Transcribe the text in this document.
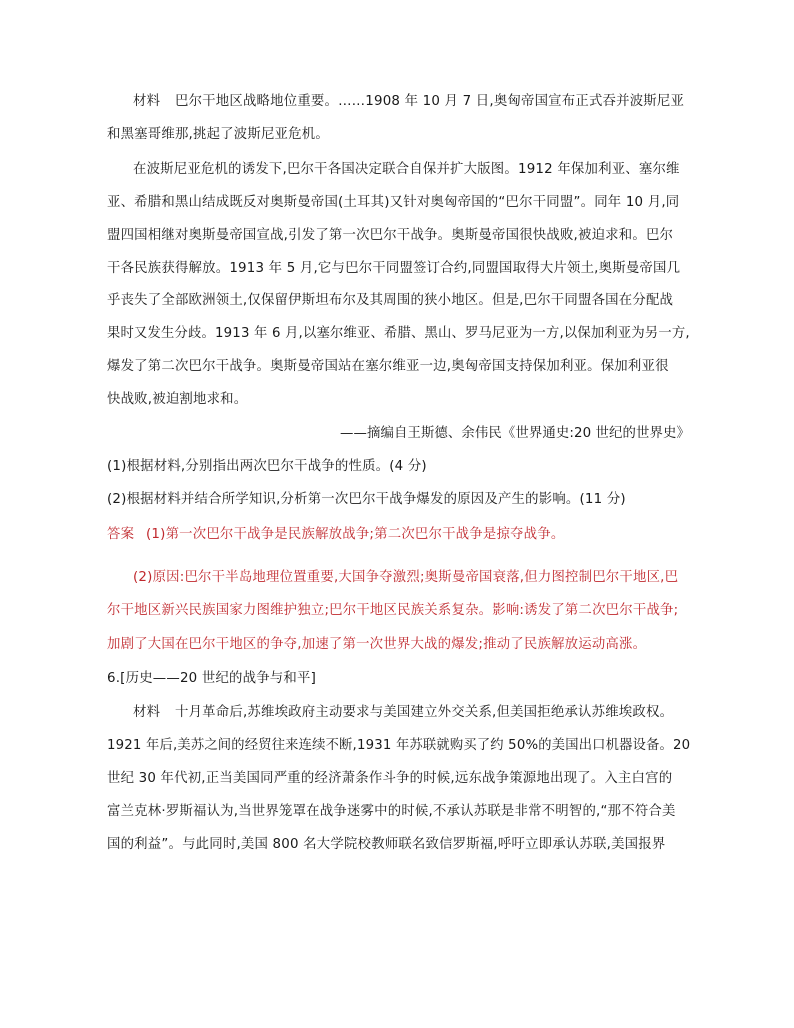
材料 巴尔干地区战略地位重要。……1908 年 10 月 7 日,奥匈帝国宣布正式吞并波斯尼亚

和黑塞哥维那,挑起了波斯尼亚危机。

在波斯尼亚危机的诱发下,巴尔干各国决定联合自保并扩大版图。1912 年保加利亚、塞尔维

亚、希腊和黑山结成既反对奥斯曼帝国(土耳其)又针对奥匈帝国的“巴尔干同盟”。同年 10 月,同

盟四国相继对奥斯曼帝国宣战,引发了第一次巴尔干战争。奥斯曼帝国很快战败,被迫求和。巴尔

干各民族获得解放。1913 年 5 月,它与巴尔干同盟签订合约,同盟国取得大片领土,奥斯曼帝国几

乎丧失了全部欧洲领土,仅保留伊斯坦布尔及其周围的狭小地区。但是,巴尔干同盟各国在分配战

果时又发生分歧。1913 年 6 月,以塞尔维亚、希腊、黑山、罗马尼亚为一方,以保加利亚为另一方,

爆发了第二次巴尔干战争。奥斯曼帝国站在塞尔维亚一边,奥匈帝国支持保加利亚。保加利亚很

快战败,被迫割地求和。

——摘编自王斯德、余伟民《世界通史:20 世纪的世界史》

(1)根据材料,分别指出两次巴尔干战争的性质。(4 分)

(2)根据材料并结合所学知识,分析第一次巴尔干战争爆发的原因及产生的影响。(11 分)

答案 (1)第一次巴尔干战争是民族解放战争;第二次巴尔干战争是掠夺战争。

(2)原因:巴尔干半岛地理位置重要,大国争夺激烈;奥斯曼帝国衰落,但力图控制巴尔干地区,巴

尔干地区新兴民族国家力图维护独立;巴尔干地区民族关系复杂。影响:诱发了第二次巴尔干战争;

加剧了大国在巴尔干地区的争夺,加速了第一次世界大战的爆发;推动了民族解放运动高涨。

6.[历史——20 世纪的战争与和平]

材料 十月革命后,苏维埃政府主动要求与美国建立外交关系,但美国拒绝承认苏维埃政权。

1921 年后,美苏之间的经贸往来连续不断,1931 年苏联就购买了约 50%的美国出口机器设备。20

世纪 30 年代初,正当美国同严重的经济萧条作斗争的时候,远东战争策源地出现了。入主白宫的

富兰克林·罗斯福认为,当世界笼罩在战争迷雾中的时候,不承认苏联是非常不明智的,“那不符合美

国的利益”。与此同时,美国 800 名大学院校教师联名致信罗斯福,呼吁立即承认苏联,美国报界
